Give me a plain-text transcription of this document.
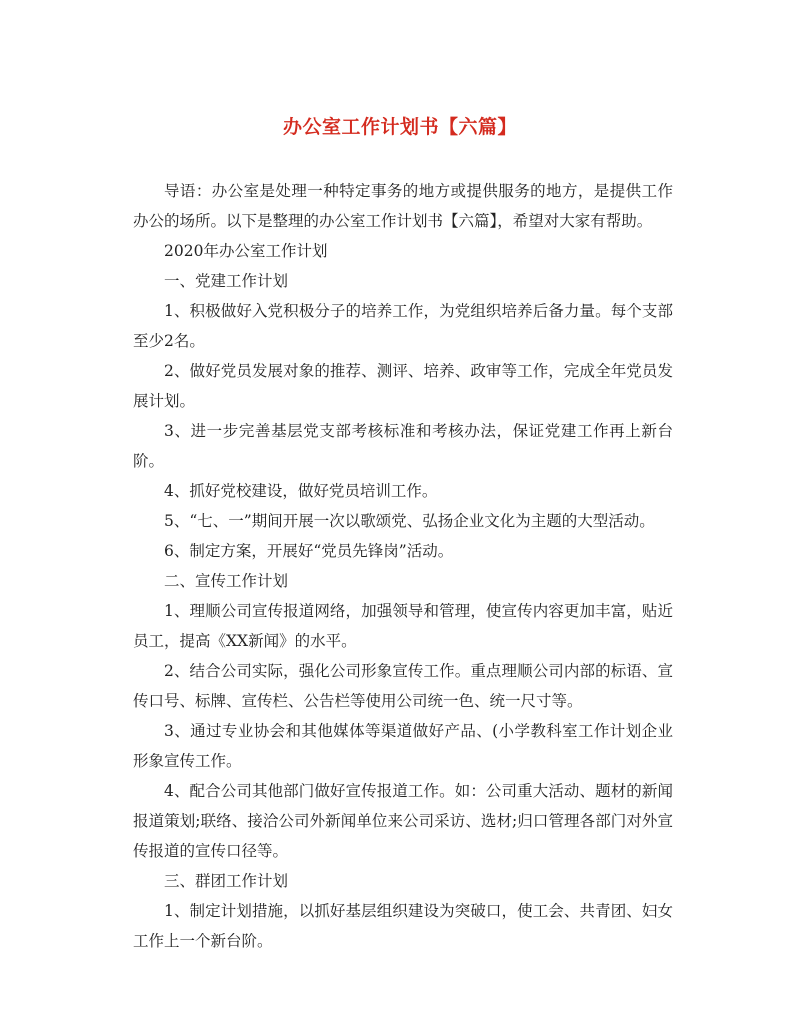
办公室工作计划书【六篇】

导语：办公室是处理一种特定事务的地方或提供服务的地方，是提供工作办公的场所。以下是整理的办公室工作计划书【六篇】，希望对大家有帮助。

2020年办公室工作计划

一、党建工作计划

1、积极做好入党积极分子的培养工作，为党组织培养后备力量。每个支部至少2名。

2、做好党员发展对象的推荐、测评、培养、政审等工作，完成全年党员发展计划。

3、进一步完善基层党支部考核标准和考核办法，保证党建工作再上新台阶。

4、抓好党校建设，做好党员培训工作。

5、“七、一”期间开展一次以歌颂党、弘扬企业文化为主题的大型活动。

6、制定方案，开展好“党员先锋岗”活动。

二、宣传工作计划

1、理顺公司宣传报道网络，加强领导和管理，使宣传内容更加丰富，贴近员工，提高《XX新闻》的水平。

2、结合公司实际，强化公司形象宣传工作。重点理顺公司内部的标语、宣传口号、标牌、宣传栏、公告栏等使用公司统一色、统一尺寸等。

3、通过专业协会和其他媒体等渠道做好产品、(小学教科室工作计划企业形象宣传工作。

4、配合公司其他部门做好宣传报道工作。如：公司重大活动、题材的新闻报道策划;联络、接洽公司外新闻单位来公司采访、选材;归口管理各部门对外宣传报道的宣传口径等。

三、群团工作计划

1、制定计划措施，以抓好基层组织建设为突破口，使工会、共青团、妇女工作上一个新台阶。
